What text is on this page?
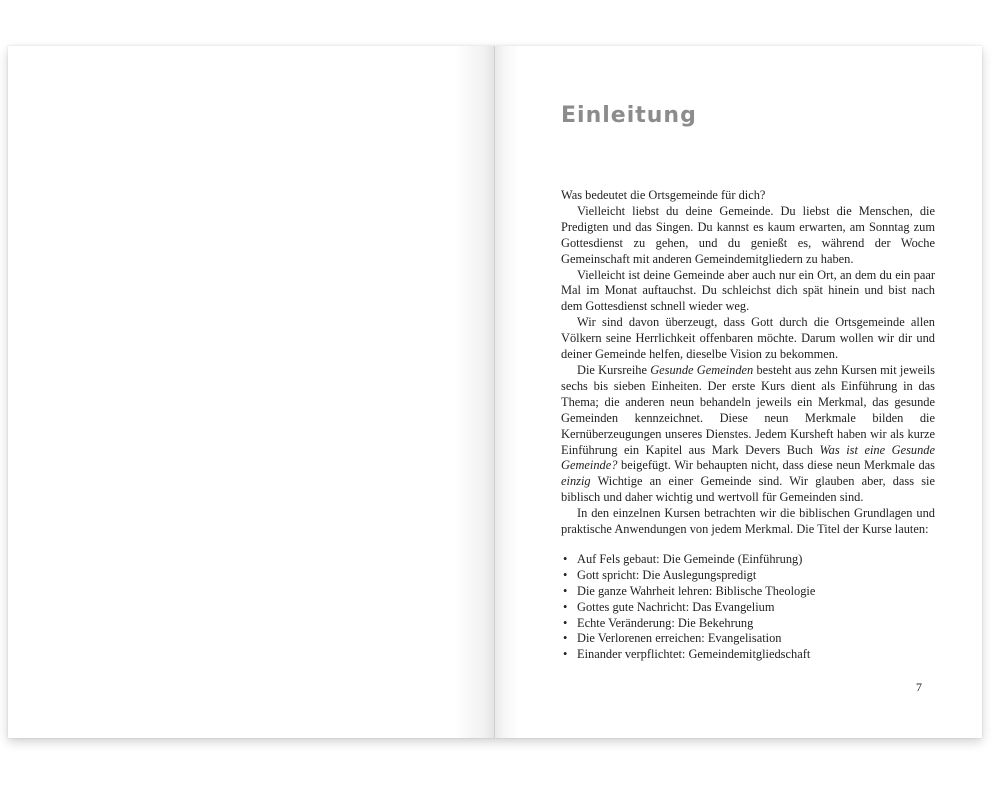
Einleitung

Was bedeutet die Ortsgemeinde für dich?

Vielleicht liebst du deine Gemeinde. Du liebst die Menschen, die Predigten und das Singen. Du kannst es kaum erwarten, am Sonntag zum Gottesdienst zu gehen, und du genießt es, während der Woche Gemeinschaft mit anderen Gemeindemitgliedern zu haben.

Vielleicht ist deine Gemeinde aber auch nur ein Ort, an dem du ein paar Mal im Monat auftauchst. Du schleichst dich spät hinein und bist nach dem Gottesdienst schnell wieder weg.

Wir sind davon überzeugt, dass Gott durch die Ortsgemeinde allen Völkern seine Herrlichkeit offenbaren möchte. Darum wollen wir dir und deiner Gemeinde helfen, dieselbe Vision zu bekommen.

Die Kursreihe Gesunde Gemeinden besteht aus zehn Kursen mit jeweils sechs bis sieben Einheiten. Der erste Kurs dient als Einführung in das Thema; die anderen neun behandeln jeweils ein Merkmal, das gesunde Gemeinden kennzeichnet. Diese neun Merkmale bilden die Kernüberzeugungen unseres Dienstes. Jedem Kursheft haben wir als kurze Einführung ein Kapitel aus Mark Devers Buch Was ist eine Gesunde Gemeinde? beigefügt. Wir behaupten nicht, dass diese neun Merkmale das einzig Wichtige an einer Gemeinde sind. Wir glauben aber, dass sie biblisch und daher wichtig und wertvoll für Gemeinden sind.

In den einzelnen Kursen betrachten wir die biblischen Grundlagen und praktische Anwendungen von jedem Merkmal. Die Titel der Kurse lauten:

• Auf Fels gebaut: Die Gemeinde (Einführung)
• Gott spricht: Die Auslegungspredigt
• Die ganze Wahrheit lehren: Biblische Theologie
• Gottes gute Nachricht: Das Evangelium
• Echte Veränderung: Die Bekehrung
• Die Verlorenen erreichen: Evangelisation
• Einander verpflichtet: Gemeindemitgliedschaft
7
